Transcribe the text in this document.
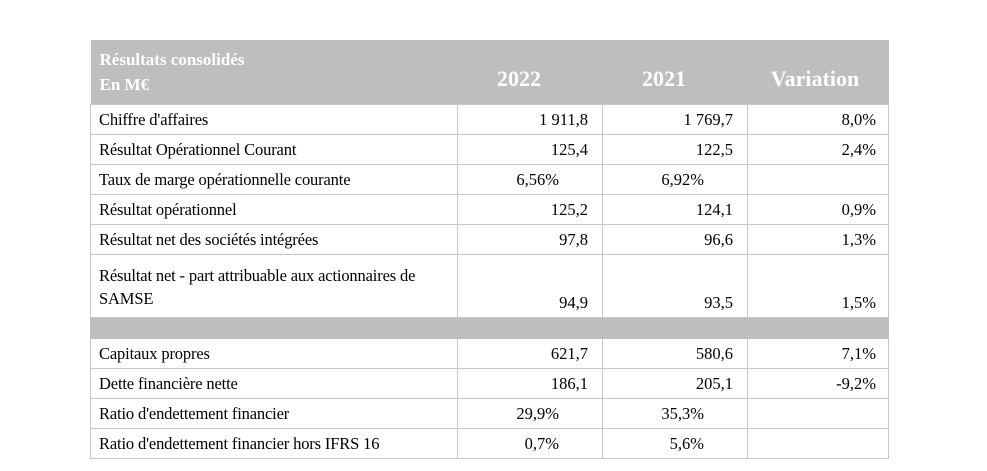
Résultats consolidés
En M€	2022	2021	Variation
Chiffre d'affaires	1 911,8	1 769,7	8,0%
Résultat Opérationnel Courant	125,4	122,5	2,4%
Taux de marge opérationnelle courante	6,56%	6,92%	
Résultat opérationnel	125,2	124,1	0,9%
Résultat net des sociétés intégrées	97,8	96,6	1,3%
Résultat net - part attribuable aux actionnaires de SAMSE	94,9	93,5	1,5%

Capitaux propres	621,7	580,6	7,1%
Dette financière nette	186,1	205,1	-9,2%
Ratio d'endettement financier	29,9%	35,3%	
Ratio d'endettement financier hors IFRS 16	0,7%	5,6%	
